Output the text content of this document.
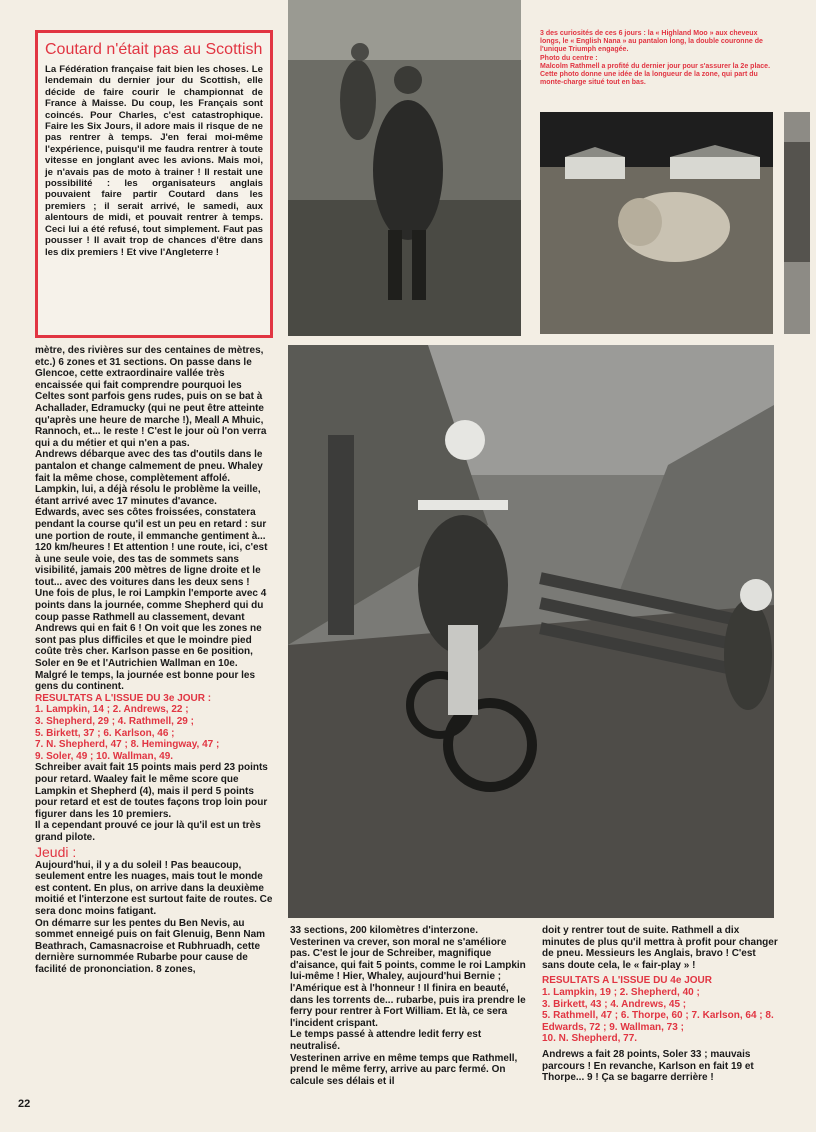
Coutard n'était pas au Scottish

La Fédération française fait bien les choses. Le lendemain du dernier jour du Scottish, elle décide de faire courir le championnat de France à Maisse. Du coup, les Français sont coincés. Pour Charles, c'est catastrophique. Faire les Six Jours, il adore mais il risque de ne pas rentrer à temps. J'en ferai moi-même l'expérience, puisqu'il me faudra rentrer à toute vitesse en jonglant avec les avions. Mais moi, je n'avais pas de moto à trainer ! Il restait une possibilité : les organisateurs anglais pouvaient faire partir Coutard dans les premiers ; il serait arrivé, le samedi, aux alentours de midi, et pouvait rentrer à temps. Ceci lui a été refusé, tout simplement. Faut pas pousser ! Il avait trop de chances d'être dans les dix premiers ! Et vive l'Angleterre !

3 des curiosités de ces 6 jours : la « Highland Moo » aux cheveux longs, le « English Nana » au pantalon long, la double couronne de l'unique Triumph engagée.

Photo du centre :

Malcolm Rathmell a profité du dernier jour pour s'assurer la 2e place. Cette photo donne une idée de la longueur de la zone, qui part du monte-charge situé tout en bas.

mètre, des rivières sur des centaines de mètres, etc.) 6 zones et 31 sections. On passe dans le Glencoe, cette extraordinaire vallée très encaissée qui fait comprendre pourquoi les Celtes sont parfois gens rudes, puis on se bat à Achallader, Edramucky (qui ne peut être atteinte qu'après une heure de marche !), Meall A Mhuic, Rannoch, et... le reste ! C'est le jour où l'on verra qui a du métier et qui n'en a pas.

Andrews débarque avec des tas d'outils dans le pantalon et change calmement de pneu. Whaley fait la même chose, complètement affolé. Lampkin, lui, a déjà résolu le problème la veille, étant arrivé avec 17 minutes d'avance.

Edwards, avec ses côtes froissées, constatera pendant la course qu'il est un peu en retard : sur une portion de route, il emmanche gentiment à... 120 km/heures ! Et attention ! une route, ici, c'est à une seule voie, des tas de sommets sans visibilité, jamais 200 mètres de ligne droite et le tout... avec des voitures dans les deux sens !

Une fois de plus, le roi Lampkin l'emporte avec 4 points dans la journée, comme Shepherd qui du coup passe Rathmell au classement, devant Andrews qui en fait 6 ! On voit que les zones ne sont pas plus difficiles et que le moindre pied coûte très cher. Karlson passe en 6e position, Soler en 9e et l'Autrichien Wallman en 10e.

Malgré le temps, la journée est bonne pour les gens du continent.

RESULTATS A L'ISSUE DU 3e JOUR :

1. Lampkin, 14 ; 2. Andrews, 22 ;

3. Shepherd, 29 ; 4. Rathmell, 29 ;

5. Birkett, 37 ; 6. Karlson, 46 ;

7. N. Shepherd, 47 ; 8. Hemingway, 47 ;

9. Soler, 49 ; 10. Wallman, 49.

Schreiber avait fait 15 points mais perd 23 points pour retard. Waaley fait le même score que Lampkin et Shepherd (4), mais il perd 5 points pour retard et est de toutes façons trop loin pour figurer dans les 10 premiers.

Il a cependant prouvé ce jour là qu'il est un très grand pilote.

Jeudi :

Aujourd'hui, il y a du soleil ! Pas beaucoup, seulement entre les nuages, mais tout le monde est content. En plus, on arrive dans la deuxième moitié et l'interzone est surtout faite de routes. Ce sera donc moins fatigant.

On démarre sur les pentes du Ben Nevis, au sommet enneigé puis on fait Glenuig, Benn Nam Beathrach, Camasnacroise et Rubhruadh, cette dernière surnommée Rubarbe pour cause de facilité de prononciation. 8 zones,

33 sections, 200 kilomètres d'interzone.

Vesterinen va crever, son moral ne s'améliore pas. C'est le jour de Schreiber, magnifique d'aisance, qui fait 5 points, comme le roi Lampkin lui-même ! Hier, Whaley, aujourd'hui Bernie ; l'Amérique est à l'honneur ! Il finira en beauté, dans les torrents de... rubarbe, puis ira prendre le ferry pour rentrer à Fort William. Et là, ce sera l'incident crispant.

Le temps passé à attendre ledit ferry est neutralisé.

Vesterinen arrive en même temps que Rathmell, prend le même ferry, arrive au parc fermé. On calcule ses délais et il

doit y rentrer tout de suite. Rathmell a dix minutes de plus qu'il mettra à profit pour changer de pneu. Messieurs les Anglais, bravo ! C'est sans doute cela, le « fair-play » !

RESULTATS A L'ISSUE DU 4e JOUR

1. Lampkin, 19 ; 2. Shepherd, 40 ;

3. Birkett, 43 ; 4. Andrews, 45 ;

5. Rathmell, 47 ; 6. Thorpe, 60 ; 7. Karlson, 64 ; 8. Edwards, 72 ; 9. Wallman, 73 ;

10. N. Shepherd, 77.

Andrews a fait 28 points, Soler 33 ; mauvais parcours ! En revanche, Karlson en fait 19 et Thorpe... 9 ! Ça se bagarre derrière !

22
